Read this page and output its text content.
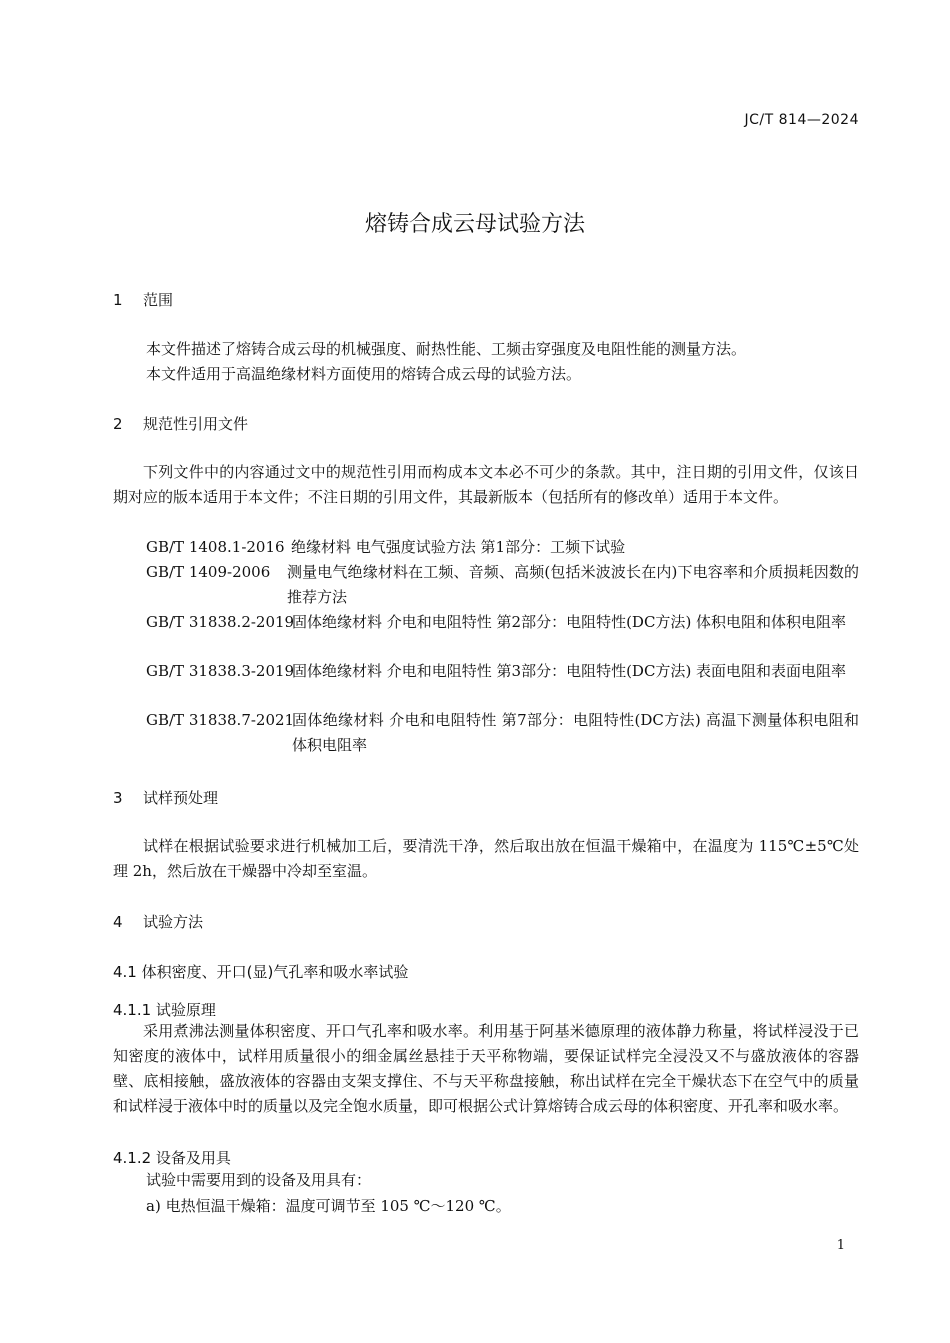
JC/T 814—2024
熔铸合成云母试验方法
1 范围
本文件描述了熔铸合成云母的机械强度、耐热性能、工频击穿强度及电阻性能的测量方法。
本文件适用于高温绝缘材料方面使用的熔铸合成云母的试验方法。
2 规范性引用文件

下列文件中的内容通过文中的规范性引用而构成本文本必不可少的条款。其中，注日期的引用文件，仅该日期对应的版本适用于本文件；不注日期的引用文件，其最新版本（包括所有的修改单）适用于本文件。

GB/T 1408.1-2016 绝缘材料 电气强度试验方法 第1部分：工频下试验
GB/T 1409-2006 测量电气绝缘材料在工频、音频、高频(包括米波波长在内)下电容率和介质损耗因数的推荐方法
GB/T 31838.2-2019
固体绝缘材料 介电和电阻特性 第2部分：电阻特性(DC方法) 体积电阻和体积电阻率
GB/T 31838.3-2019
固体绝缘材料 介电和电阻特性 第3部分：电阻特性(DC方法) 表面电阻和表面电阻率
GB/T 31838.7-2021
固体绝缘材料 介电和电阻特性 第7部分：电阻特性(DC方法) 高温下测量体积电阻和体积电阻率
3 试样预处理

试样在根据试验要求进行机械加工后，要清洗干净，然后取出放在恒温干燥箱中，在温度为 115℃±5℃处理 2h，然后放在干燥器中冷却至室温。

4 试验方法
4.1 体积密度、开口(显)气孔率和吸水率试验
4.1.1 试验原理

采用煮沸法测量体积密度、开口气孔率和吸水率。利用基于阿基米德原理的液体静力称量，将试样浸没于已知密度的液体中，试样用质量很小的细金属丝悬挂于天平称物端，要保证试样完全浸没又不与盛放液体的容器壁、底相接触，盛放液体的容器由支架支撑住、不与天平称盘接触，称出试样在完全干燥状态下在空气中的质量和试样浸于液体中时的质量以及完全饱水质量，即可根据公式计算熔铸合成云母的体积密度、开孔率和吸水率。

4.1.2 设备及用具
试验中需要用到的设备及用具有：
a) 电热恒温干燥箱：温度可调节至 105 ℃～120 ℃。
1
